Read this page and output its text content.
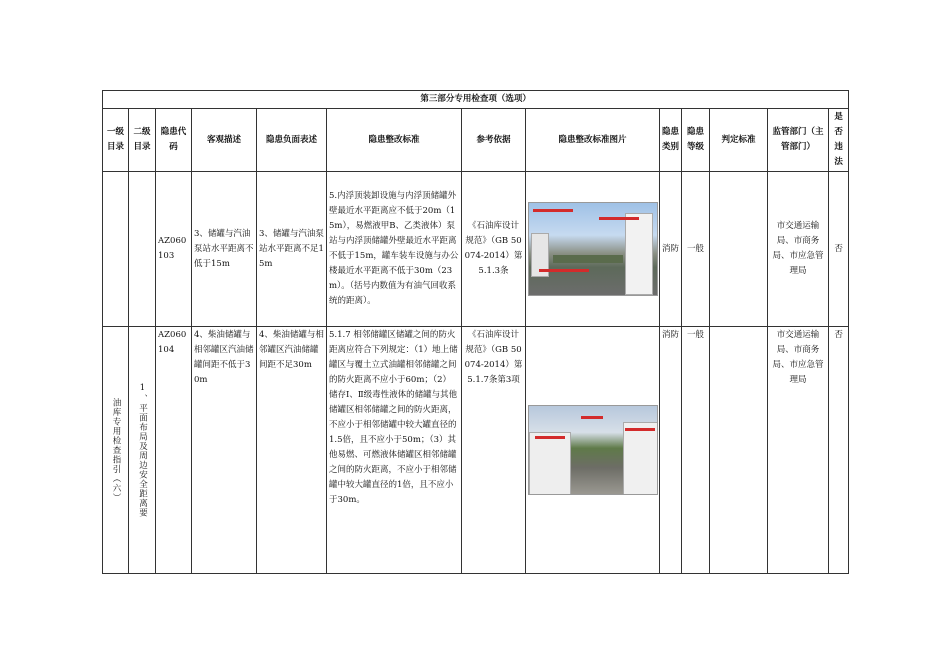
第三部分专用检查项（选项）												
一级目录	二级目录	隐患代码	客观描述	隐患负面表述	隐患整改标准	参考依据	隐患整改标准图片	隐患类别	隐患等级	判定标准	监管部门（主管部门）	是否违法
		AZ060103	3、储罐与汽油泵站水平距离不低于15m	3、储罐与汽油泵站水平距离不足15m	5.内浮顶装卸设施与内浮顶储罐外壁最近水平距离应不低于20m（15m），易燃液甲B、乙类液体）泵站与内浮顶储罐外壁最近水平距离不低于15m，罐车装车设施与办公楼最近水平距离不低于30m（23m）。（括号内数值为有油气回收系统的距离）。	《石油库设计规范》（GB 50074-2014）第5.1.3条		消防	一般		市交通运输局、市商务局、市应急管理局	否

油库专用检查指引（六）	1、平面布局及周边安全距离要	AZ060104	4、柴油储罐与相邻罐区汽油储罐间距不低于30m	4、柴油储罐与相邻罐区汽油储罐间距不足30m	5.1.7 相邻储罐区储罐之间的防火距离应符合下列规定：（1）地上储罐区与覆土立式油罐相邻储罐之间的防火距离不应小于60m；（2）储存Ⅰ、Ⅱ级毒性液体的储罐与其他储罐区相邻储罐之间的防火距离，不应小于相邻储罐中较大罐直径的1.5倍，且不应小于50m；（3）其他易燃、可燃液体储罐区相邻储罐之间的防火距离，不应小于相邻储罐中较大罐直径的1倍，且不应小于30m。	《石油库设计规范》（GB 50074-2014）第5.1.7条第3项		消防	一般		市交通运输局、市商务局、市应急管理局	否
